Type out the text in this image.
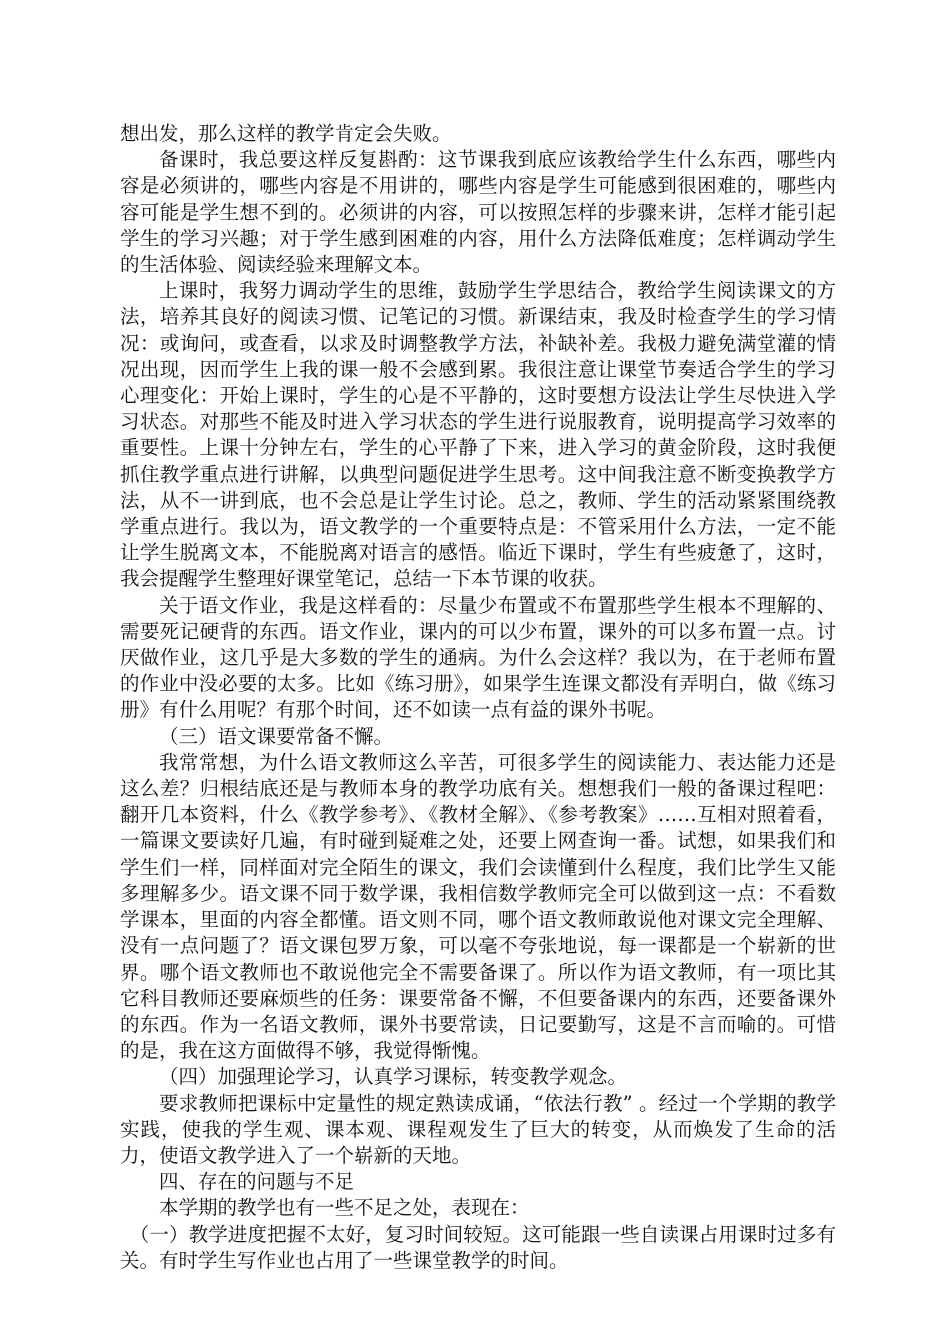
想出发，那么这样的教学肯定会失败。

备课时，我总要这样反复斟酌：这节课我到底应该教给学生什么东西，哪些内容是必须讲的，哪些内容是不用讲的，哪些内容是学生可能感到很困难的，哪些内容可能是学生想不到的。必须讲的内容，可以按照怎样的步骤来讲，怎样才能引起学生的学习兴趣；对于学生感到困难的内容，用什么方法降低难度；怎样调动学生的生活体验、阅读经验来理解文本。

上课时，我努力调动学生的思维，鼓励学生学思结合，教给学生阅读课文的方法，培养其良好的阅读习惯、记笔记的习惯。新课结束，我及时检查学生的学习情况：或询问，或查看，以求及时调整教学方法，补缺补差。我极力避免满堂灌的情况出现，因而学生上我的课一般不会感到累。我很注意让课堂节奏适合学生的学习心理变化：开始上课时，学生的心是不平静的，这时要想方设法让学生尽快进入学习状态。对那些不能及时进入学习状态的学生进行说服教育，说明提高学习效率的重要性。上课十分钟左右，学生的心平静了下来，进入学习的黄金阶段，这时我便抓住教学重点进行讲解，以典型问题促进学生思考。这中间我注意不断变换教学方法，从不一讲到底，也不会总是让学生讨论。总之，教师、学生的活动紧紧围绕教学重点进行。我以为，语文教学的一个重要特点是：不管采用什么方法，一定不能让学生脱离文本，不能脱离对语言的感悟。临近下课时，学生有些疲惫了，这时，我会提醒学生整理好课堂笔记，总结一下本节课的收获。

关于语文作业，我是这样看的：尽量少布置或不布置那些学生根本不理解的、需要死记硬背的东西。语文作业，课内的可以少布置，课外的可以多布置一点。讨厌做作业，这几乎是大多数的学生的通病。为什么会这样？我以为，在于老师布置的作业中没必要的太多。比如《练习册》，如果学生连课文都没有弄明白，做《练习册》有什么用呢？有那个时间，还不如读一点有益的课外书呢。

（三）语文课要常备不懈。

我常常想，为什么语文教师这么辛苦，可很多学生的阅读能力、表达能力还是这么差？归根结底还是与教师本身的教学功底有关。想想我们一般的备课过程吧：翻开几本资料，什么《教学参考》、《教材全解》、《参考教案》……互相对照着看，一篇课文要读好几遍，有时碰到疑难之处，还要上网查询一番。试想，如果我们和学生们一样，同样面对完全陌生的课文，我们会读懂到什么程度，我们比学生又能多理解多少。语文课不同于数学课，我相信数学教师完全可以做到这一点：不看数学课本，里面的内容全都懂。语文则不同，哪个语文教师敢说他对课文完全理解、没有一点问题了？语文课包罗万象，可以毫不夸张地说，每一课都是一个崭新的世界。哪个语文教师也不敢说他完全不需要备课了。所以作为语文教师，有一项比其它科目教师还要麻烦些的任务：课要常备不懈，不但要备课内的东西，还要备课外的东西。作为一名语文教师，课外书要常读，日记要勤写，这是不言而喻的。可惜的是，我在这方面做得不够，我觉得惭愧。

（四）加强理论学习，认真学习课标，转变教学观念。

要求教师把课标中定量性的规定熟读成诵，“依法行教” 。经过一个学期的教学实践，使我的学生观、课本观、课程观发生了巨大的转变，从而焕发了生命的活力，使语文教学进入了一个崭新的天地。

四、存在的问题与不足

本学期的教学也有一些不足之处，表现在：

（一）教学进度把握不太好，复习时间较短。这可能跟一些自读课占用课时过多有关。有时学生写作业也占用了一些课堂教学的时间。
